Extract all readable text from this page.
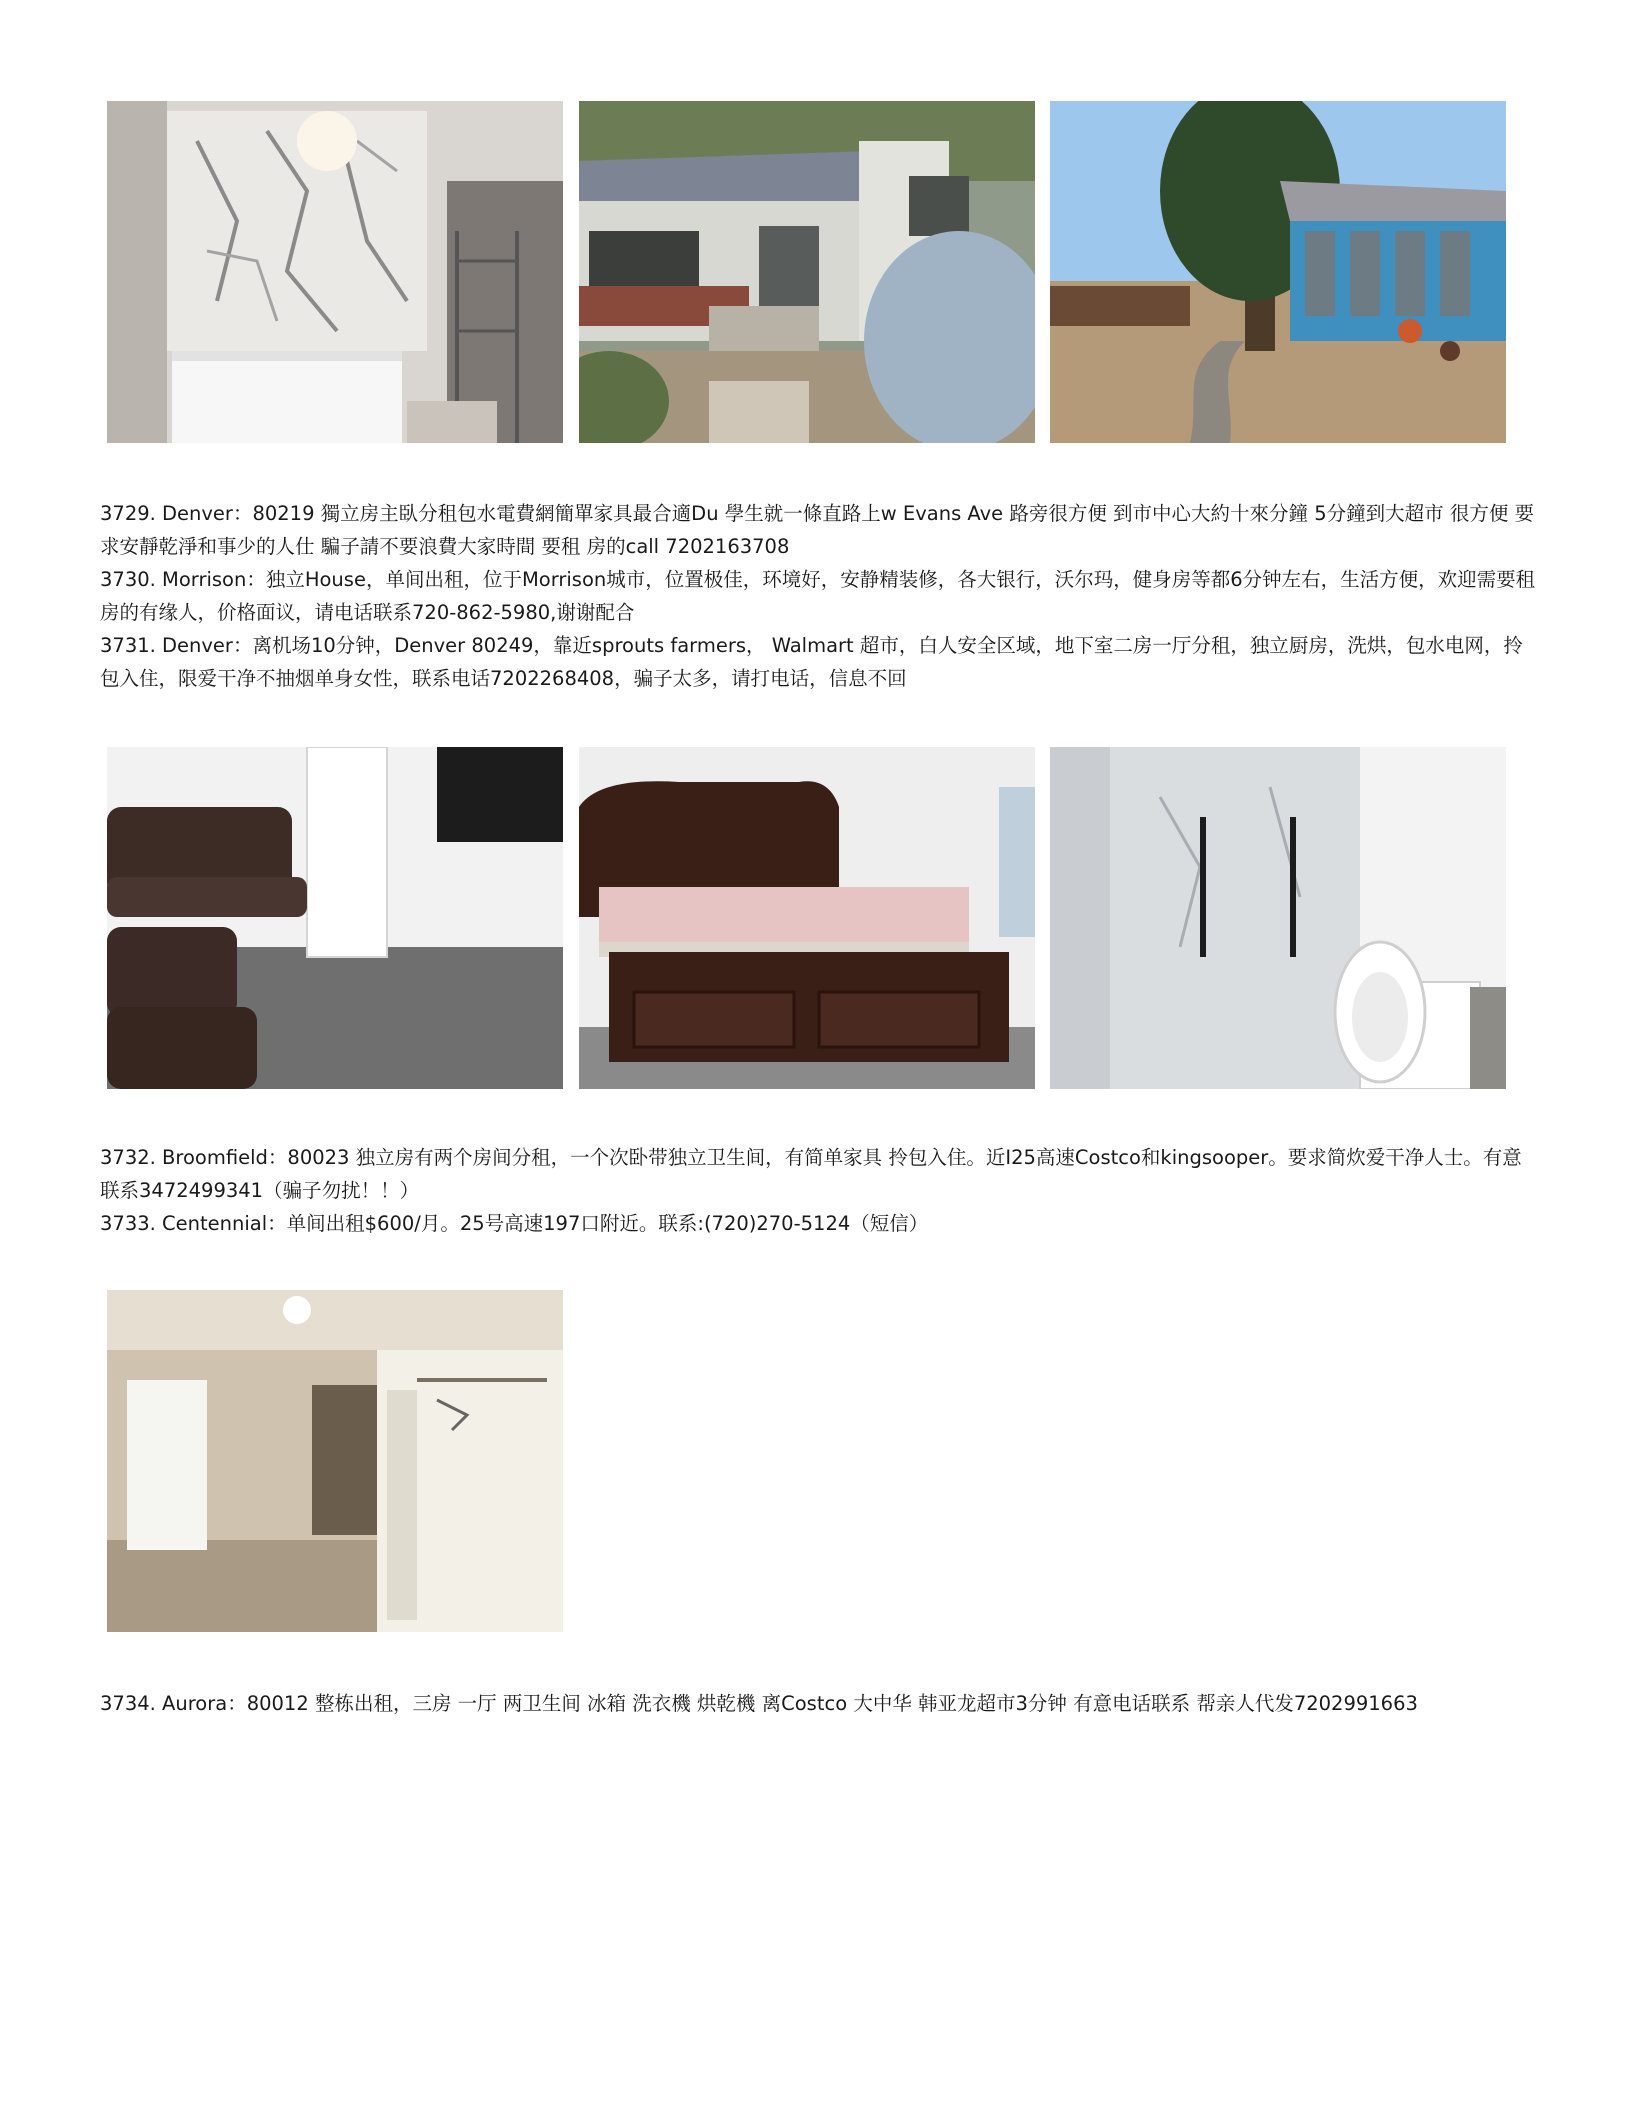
3729. Denver：80219 獨立房主臥分租包水電費網簡單家具最合適Du 學生就一條直路上w Evans Ave 路旁很方便 到市中心大約十來分鐘 5分鐘到大超市 很方便 要求安靜乾淨和事少的人仕 騙子請不要浪費大家時間 要租 房的call 7202163708

3730. Morrison：独立House，单间出租，位于Morrison城市，位置极佳，环境好，安静精装修，各大银行，沃尔玛，健身房等都6分钟左右，生活方便，欢迎需要租房的有缘人，价格面议，请电话联系720-862-5980,谢谢配合

3731. Denver：离机场10分钟，Denver 80249，靠近sprouts farmers， Walmart 超市，白人安全区域，地下室二房一厅分租，独立厨房，洗烘，包水电网，拎包入住，限爱干净不抽烟单身女性，联系电话7202268408，骗子太多，请打电话，信息不回

3732. Broomfield：80023 独立房有两个房间分租，一个次卧带独立卫生间，有简单家具 拎包入住。近I25高速Costco和kingsooper。要求简炊爱干净人士。有意联系3472499341（骗子勿扰！！）

3733. Centennial：单间出租$600/月。25号高速197口附近。联系:(720)270-5124（短信）

3734. Aurora：80012 整栋出租，三房 一厅 两卫生间 冰箱 洗衣機 烘乾機 离Costco 大中华 韩亚龙超市3分钟 有意电话联系 帮亲人代发7202991663
